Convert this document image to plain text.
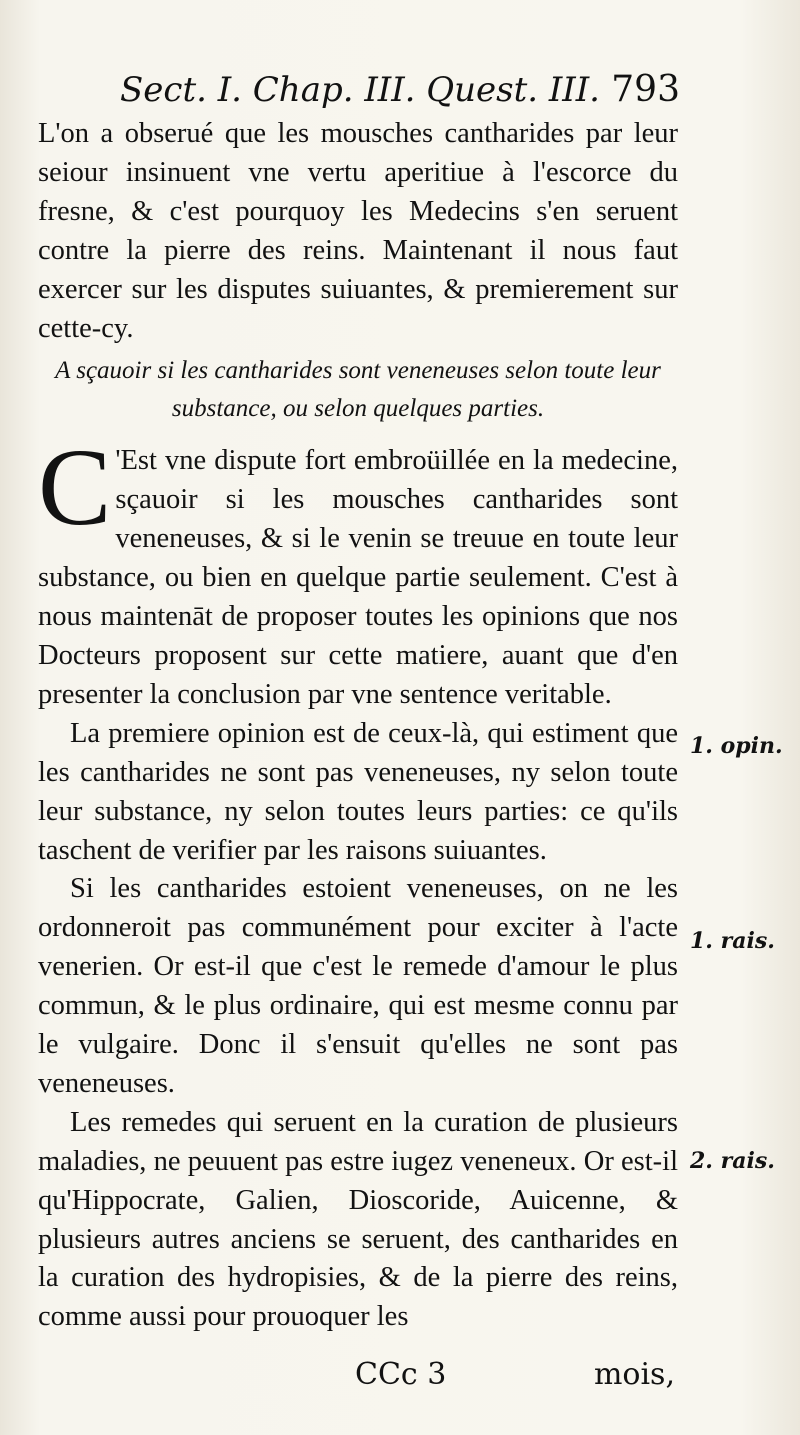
Sect. I. Chap. III. Quest. III. 793

L'on a obserué que les mousches cantharides par leur seiour insinuent vne vertu aperitiue à l'escorce du fresne, & c'est pourquoy les Medecins s'en seruent contre la pierre des reins. Maintenant il nous faut exercer sur les disputes suiuantes, & premierement sur cette-cy.

A sçauoir si les cantharides sont veneneuses selon toute leur substance, ou selon quelques parties.

C 'Est vne dispute fort embroüillée en la medecine, sçauoir si les mousches cantharides sont veneneuses, & si le venin se treuue en toute leur substance, ou bien en quelque partie seulement. C'est à nous maintenāt de proposer toutes les opinions que nos Docteurs proposent sur cette matiere, auant que d'en presenter la conclusion par vne sentence veritable.

La premiere opinion est de ceux-là, qui estiment que les cantharides ne sont pas veneneuses, ny selon toute leur substance, ny selon toutes leurs parties: ce qu'ils taschent de verifier par les raisons suiuantes.

Si les cantharides estoient veneneuses, on ne les ordonneroit pas communément pour exciter à l'acte venerien. Or est-il que c'est le remede d'amour le plus commun, & le plus ordinaire, qui est mesme connu par le vulgaire. Donc il s'ensuit qu'elles ne sont pas veneneuses.

Les remedes qui seruent en la curation de plusieurs maladies, ne peuuent pas estre iugez veneneux. Or est-il qu'Hippocrate, Galien, Dioscoride, Auicenne, & plusieurs autres anciens se seruent, des cantharides en la curation des hydropisies, & de la pierre des reins, comme aussi pour prouoquer les

1. opin.
1. rais.
2. rais.
CCc 3	mois,
